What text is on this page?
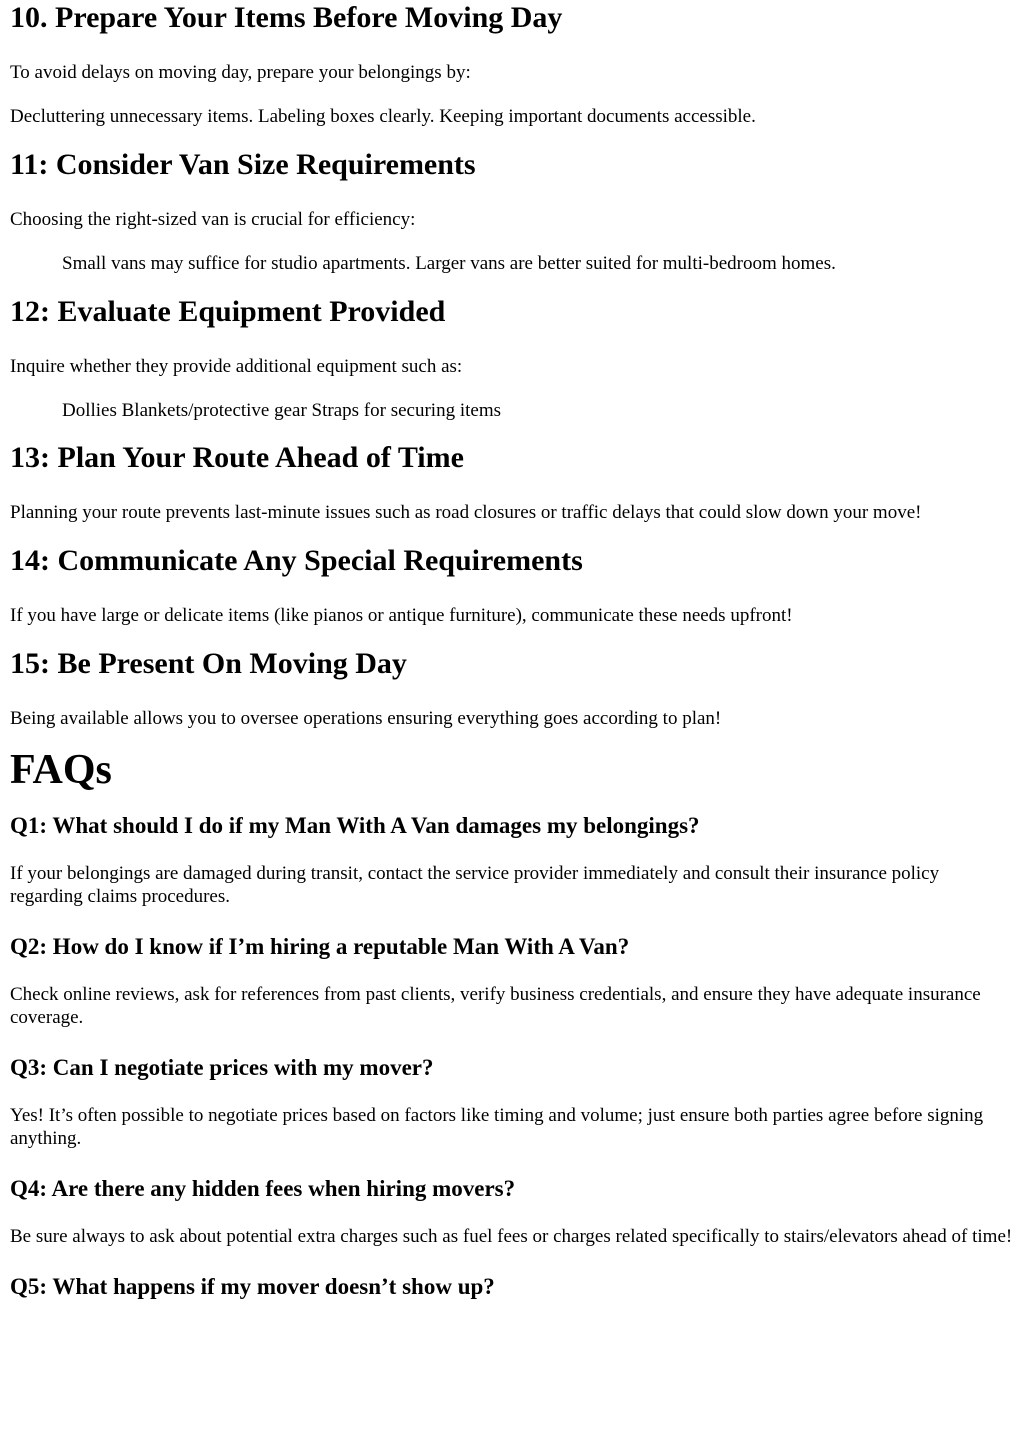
10. Prepare Your Items Before Moving Day

To avoid delays on moving day, prepare your belongings by:

Decluttering unnecessary items. Labeling boxes clearly. Keeping important documents accessible.

11: Consider Van Size Requirements

Choosing the right-sized van is crucial for efficiency:

Small vans may suffice for studio apartments. Larger vans are better suited for multi-bedroom homes.

12: Evaluate Equipment Provided

Inquire whether they provide additional equipment such as:

Dollies Blankets/protective gear Straps for securing items

13: Plan Your Route Ahead of Time

Planning your route prevents last-minute issues such as road closures or traffic delays that could slow down your move!

14: Communicate Any Special Requirements

If you have large or delicate items (like pianos or antique furniture), communicate these needs upfront!

15: Be Present On Moving Day

Being available allows you to oversee operations ensuring everything goes according to plan!

FAQs
Q1: What should I do if my Man With A Van damages my belongings?

If your belongings are damaged during transit, contact the service provider immediately and consult their insurance policy regarding claims procedures.

Q2: How do I know if I’m hiring a reputable Man With A Van?

Check online reviews, ask for references from past clients, verify business credentials, and ensure they have adequate insurance coverage.

Q3: Can I negotiate prices with my mover?

Yes! It’s often possible to negotiate prices based on factors like timing and volume; just ensure both parties agree before signing anything.

Q4: Are there any hidden fees when hiring movers?

Be sure always to ask about potential extra charges such as fuel fees or charges related specifically to stairs/elevators ahead of time!

Q5: What happens if my mover doesn’t show up?
